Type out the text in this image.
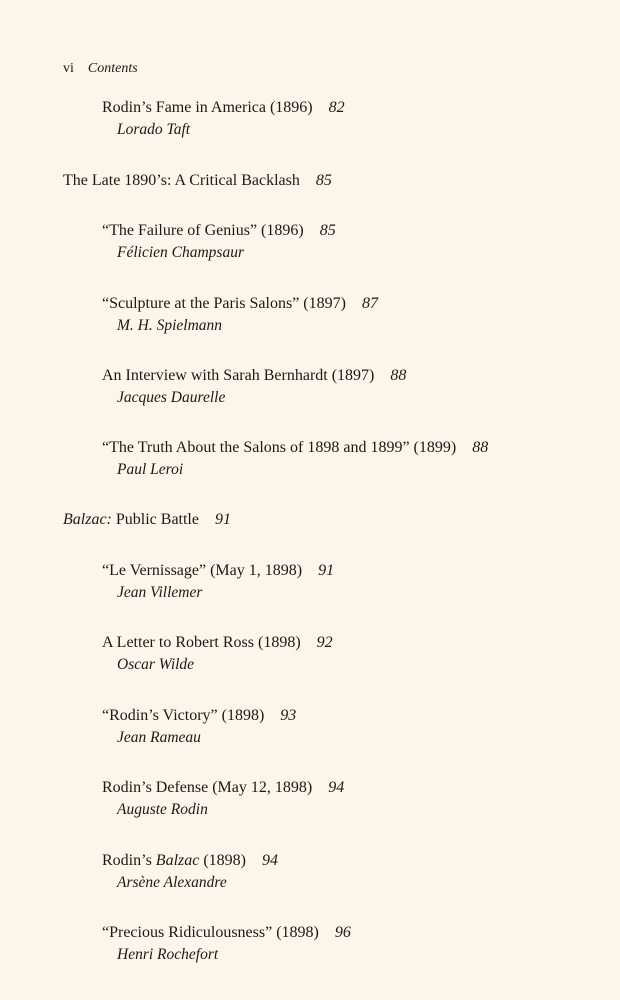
vi Contents
Rodin’s Fame in America (1896) 82
Lorado Taft
The Late 1890’s: A Critical Backlash 85
“The Failure of Genius” (1896) 85
Félicien Champsaur
“Sculpture at the Paris Salons” (1897) 87
M. H. Spielmann
An Interview with Sarah Bernhardt (1897) 88
Jacques Daurelle
“The Truth About the Salons of 1898 and 1899” (1899) 88
Paul Leroi
Balzac: Public Battle 91
“Le Vernissage” (May 1, 1898) 91
Jean Villemer
A Letter to Robert Ross (1898) 92
Oscar Wilde
“Rodin’s Victory” (1898) 93
Jean Rameau
Rodin’s Defense (May 12, 1898) 94
Auguste Rodin
Rodin’s Balzac (1898) 94
Arsène Alexandre
“Precious Ridiculousness” (1898) 96
Henri Rochefort
